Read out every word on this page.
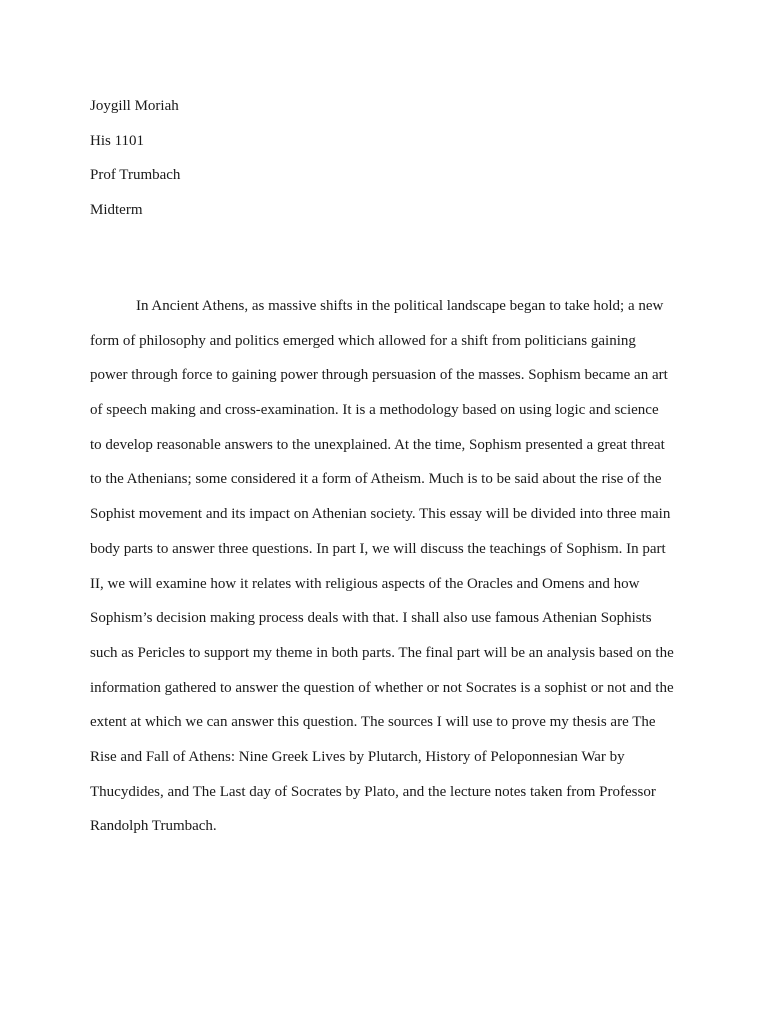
Joygill Moriah
His 1101
Prof Trumbach
Midterm
In Ancient Athens, as massive shifts in the political landscape began to take hold; a new
form of philosophy and politics emerged which allowed for a shift from politicians gaining
power through force to gaining power through persuasion of the masses. Sophism became an art
of speech making and cross-examination. It is a methodology based on using logic and science
to develop reasonable answers to the unexplained. At the time, Sophism presented a great threat
to the Athenians; some considered it a form of Atheism. Much is to be said about the rise of the
Sophist movement and its impact on Athenian society. This essay will be divided into three main
body parts to answer three questions. In part I, we will discuss the teachings of Sophism. In part
II, we will examine how it relates with religious aspects of the Oracles and Omens and how
Sophism’s decision making process deals with that. I shall also use famous Athenian Sophists
such as Pericles to support my theme in both parts. The final part will be an analysis based on the
information gathered to answer the question of whether or not Socrates is a sophist or not and the
extent at which we can answer this question. The sources I will use to prove my thesis are The
Rise and Fall of Athens: Nine Greek Lives by Plutarch, History of Peloponnesian War by
Thucydides, and The Last day of Socrates by Plato, and the lecture notes taken from Professor
Randolph Trumbach.
